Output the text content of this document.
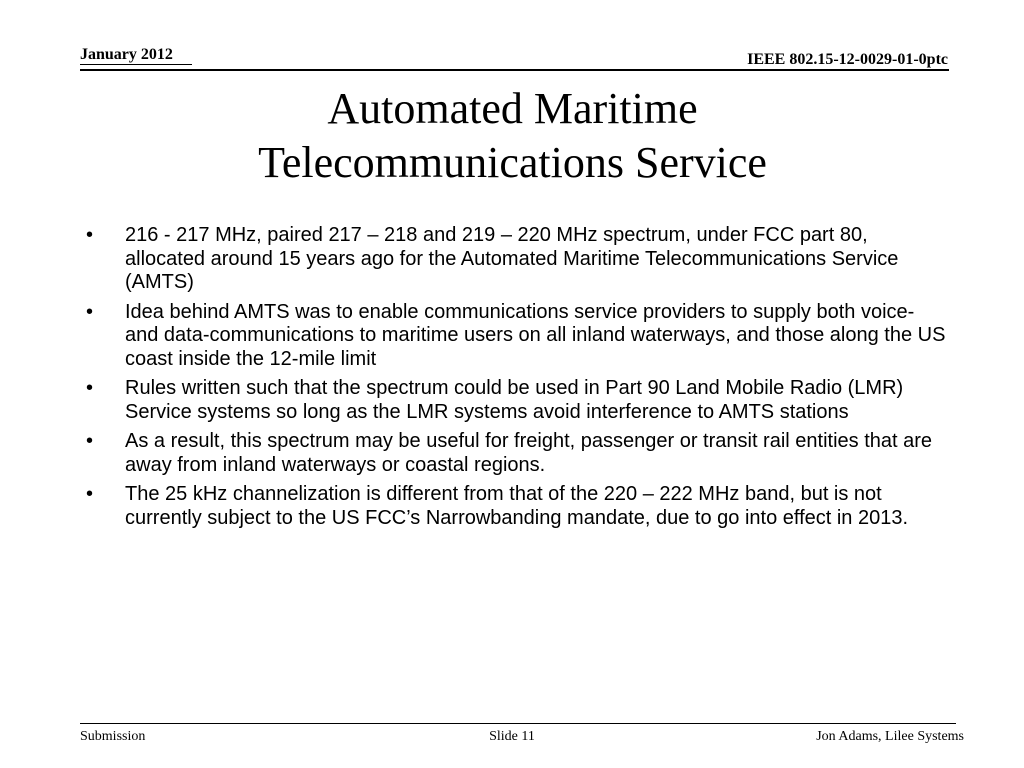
January 2012	IEEE 802.15-12-0029-01-0ptc
Automated Maritime
Telecommunications Service
• 216 - 217 MHz, paired 217 – 218 and 219 – 220 MHz spectrum, under FCC part 80, allocated around 15 years ago for the Automated Maritime Telecommunications Service (AMTS)
• Idea behind AMTS was to enable communications service providers to supply both voice- and data-communications to maritime users on all inland waterways, and those along the US coast inside the 12-mile limit
• Rules written such that the spectrum could be used in Part 90 Land Mobile Radio (LMR) Service systems so long as the LMR systems avoid interference to AMTS stations
• As a result, this spectrum may be useful for freight, passenger or transit rail entities that are away from inland waterways or coastal regions.
• The 25 kHz channelization is different from that of the 220 – 222 MHz band, but is not currently subject to the US FCC’s Narrowbanding mandate, due to go into effect in 2013.
Submission	Slide 11	Jon Adams, Lilee Systems
